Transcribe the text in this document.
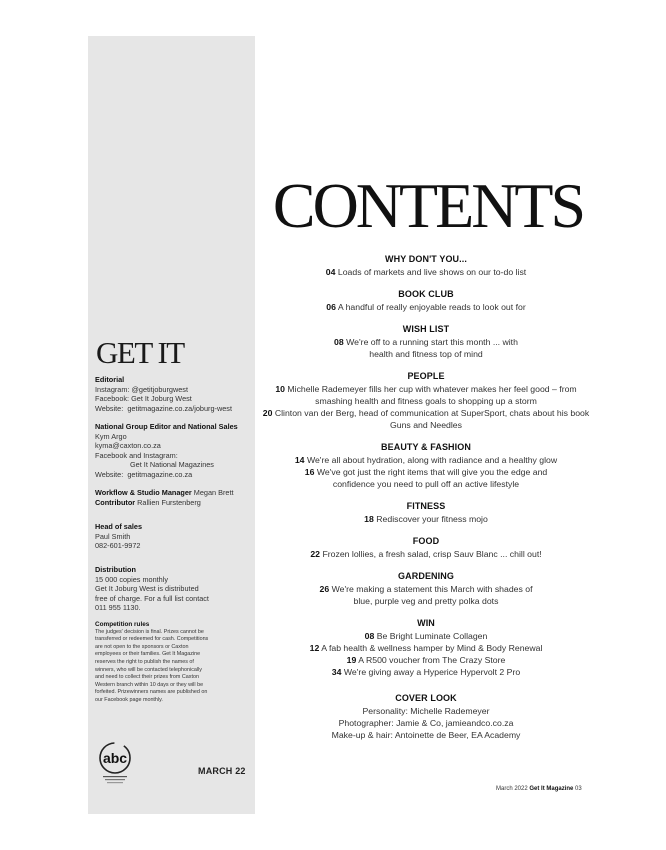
GET IT
Editorial
Instagram: @getitjoburgwest
Facebook: Get It Joburg West
Website: getitmagazine.co.za/joburg-west
National Group Editor and National Sales
Kym Argo
kyma@caxton.co.za
Facebook and Instagram:
Get It National Magazines
Website: getitmagazine.co.za
Workflow & Studio Manager Megan Brett
Contributor Rallien Furstenberg
Head of sales
Paul Smith
082-601-9972
Distribution
15 000 copies monthly
Get It Joburg West is distributed
free of charge. For a full list contact
011 955 1130.
Competition rules
The judges' decision is final. Prizes cannot be
transferred or redeemed for cash. Competitions
are not open to the sponsors or Caxton
employees or their families. Get It Magazine
reserves the right to publish the names of
winners, who will be contacted telephonically
and need to collect their prizes from Caxton
Western branch within 10 days or they will be
forfeited. Prizewinners names are published on
our Facebook page monthly.
abc
MARCH 22
CONTENTS
WHY DON'T YOU...
04 Loads of markets and live shows on our to-do list
BOOK CLUB
06 A handful of really enjoyable reads to look out for
WISH LIST
08 We're off to a running start this month ... with health and fitness top of mind
PEOPLE
10 Michelle Rademeyer fills her cup with whatever makes her feel good – from smashing health and fitness goals to shopping up a storm
20 Clinton van der Berg, head of communication at SuperSport, chats about his book Guns and Needles
BEAUTY & FASHION
14 We're all about hydration, along with radiance and a healthy glow
16 We've got just the right items that will give you the edge and confidence you need to pull off an active lifestyle
FITNESS
18 Rediscover your fitness mojo
FOOD
22 Frozen lollies, a fresh salad, crisp Sauv Blanc ... chill out!
GARDENING
26 We're making a statement this March with shades of blue, purple veg and pretty polka dots
WIN
08 Be Bright Luminate Collagen
12 A fab health & wellness hamper by Mind & Body Renewal
19 A R500 voucher from The Crazy Store
34 We're giving away a Hyperice Hypervolt 2 Pro
COVER LOOK
Personality: Michelle Rademeyer
Photographer: Jamie & Co, jamieandco.co.za
Make-up & hair: Antoinette de Beer, EA Academy
March 2022 Get It Magazine 03
